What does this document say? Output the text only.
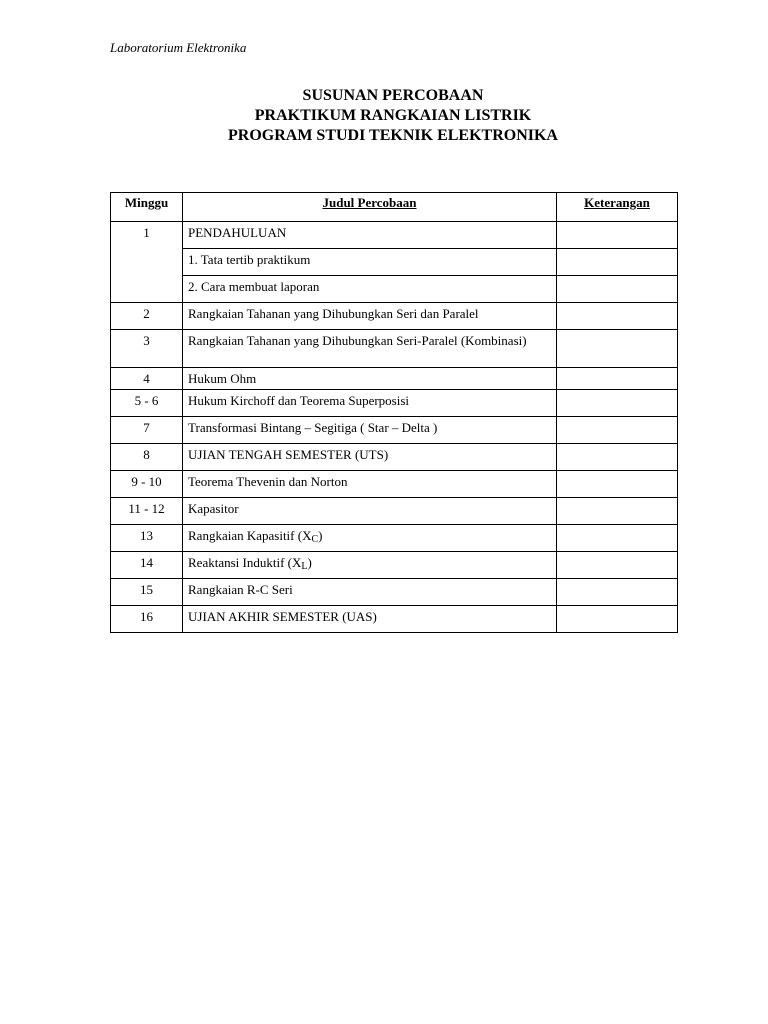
Laboratorium Elektronika
SUSUNAN PERCOBAAN
PRAKTIKUM RANGKAIAN LISTRIK
PROGRAM STUDI TEKNIK ELEKTRONIKA
Minggu	Judul Percobaan	Keterangan
1	PENDAHULUAN	
	1. Tata tertib praktikum	
	2. Cara membuat laporan	
2	Rangkaian Tahanan yang Dihubungkan Seri dan Paralel	
3	Rangkaian Tahanan yang Dihubungkan Seri-Paralel (Kombinasi)	
4	Hukum Ohm	
5 - 6	Hukum Kirchoff dan Teorema Superposisi	
7	Transformasi Bintang – Segitiga ( Star – Delta )	
8	UJIAN TENGAH SEMESTER (UTS)	
9 - 10	Teorema Thevenin dan Norton	
11 - 12	Kapasitor	
13	Rangkaian Kapasitif $(X_C)$	
14	Reaktansi Induktif $(X_L)$	
15	Rangkaian R-C Seri	
16	UJIAN AKHIR SEMESTER (UAS)	
